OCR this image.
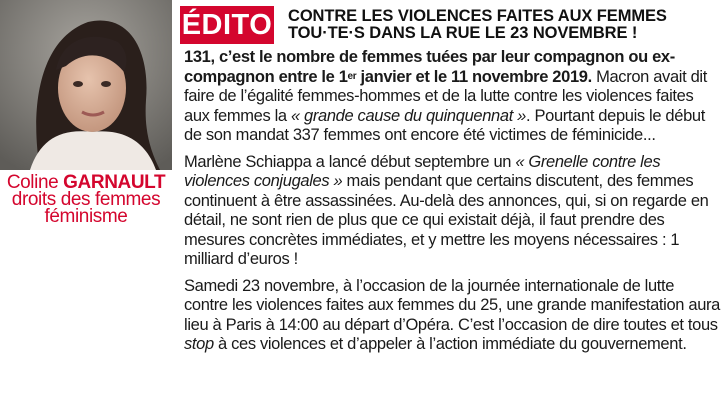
Coline GARNAULT
droits des femmes
féminisme
ÉDITO CONTRE LES VIOLENCES FAITES AUX FEMMES
TOU·TE·S DANS LA RUE LE 23 NOVEMBRE !

131, c’est le nombre de femmes tuées par leur compagnon ou ex-compagnon entre le 1er janvier et le 11 novembre 2019. Macron avait dit faire de l’égalité femmes-hommes et de la lutte contre les violences faites aux femmes la « grande cause du quinquennat ». Pourtant depuis le début de son mandat 337 femmes ont encore été victimes de féminicide...

Marlène Schiappa a lancé début septembre un « Grenelle contre les violences conjugales » mais pendant que certains discutent, des femmes continuent à être assassinées. Au-delà des annonces, qui, si on regarde en détail, ne sont rien de plus que ce qui existait déjà, il faut prendre des mesures concrètes immédiates, et y mettre les moyens nécessaires : 1 milliard d’euros !

Samedi 23 novembre, à l’occasion de la journée internationale de lutte contre les violences faites aux femmes du 25, une grande manifestation aura lieu à Paris à 14:00 au départ d’Opéra. C’est l’occasion de dire toutes et tous stop à ces violences et d’appeler à l’action immédiate du gouvernement.
